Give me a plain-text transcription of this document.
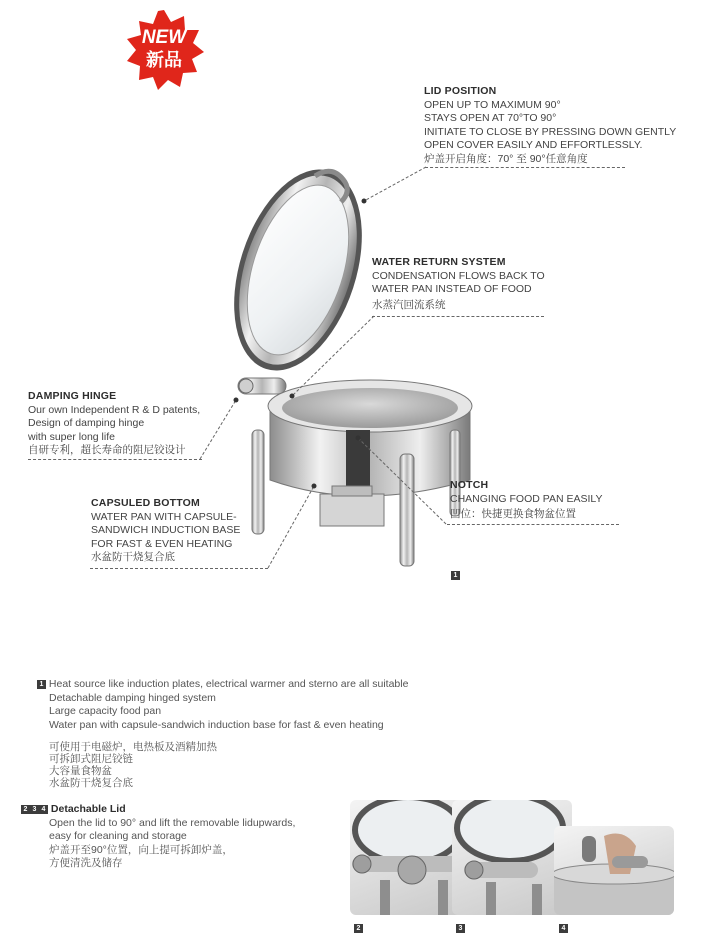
NEW
新品
LID POSITION
OPEN UP TO MAXIMUM 90°
STAYS OPEN AT 70°TO 90°
INITIATE TO CLOSE BY PRESSING DOWN GENTLY
OPEN COVER EASILY AND EFFORTLESSLY.
炉盖开启角度：70° 至 90°任意角度
WATER RETURN SYSTEM
CONDENSATION FLOWS BACK TO
WATER PAN INSTEAD OF FOOD
水蒸汽回流系统
DAMPING HINGE
Our own Independent R & D patents,
Design of damping hinge
with super long life
自研专利，超长寿命的阻尼铰设计
NOTCH
CHANGING FOOD PAN EASILY
凹位：快捷更换食物盆位置
CAPSULED BOTTOM
WATER PAN WITH CAPSULE-
SANDWICH INDUCTION BASE
FOR FAST & EVEN HEATING
水盆防干烧复合底
1
1 Heat source like induction plates, electrical warmer and sterno are all suitable
Detachable damping hinged system
Large capacity food pan
Water pan with capsule-sandwich induction base for fast & even heating
可使用于电磁炉，电热板及酒精加热
可拆卸式阻尼铰链
大容量食物盆
水盆防干烧复合底
2 3 4 Detachable Lid
Open the lid to 90° and lift the removable lidupwards,
easy for cleaning and storage
炉盖开至90°位置，向上提可拆卸炉盖，
方便清洗及储存
2	3	4
